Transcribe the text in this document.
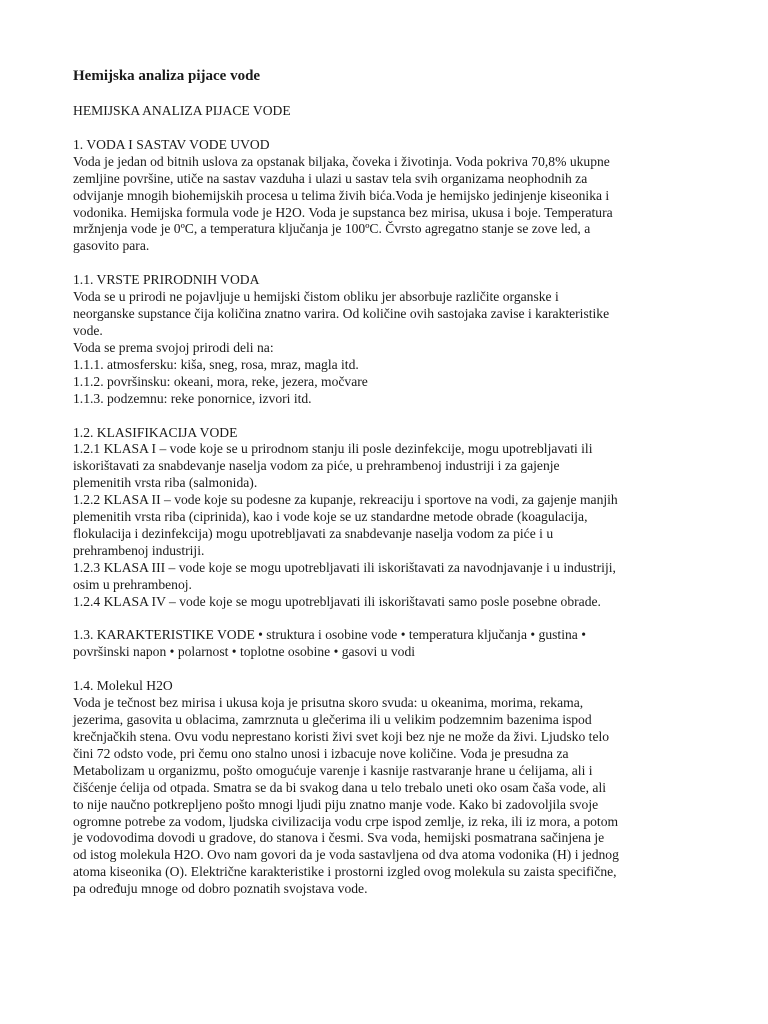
Hemijska analiza pijace vode
HEMIJSKA ANALIZA PIJACE VODE

1. VODA I SASTAV VODE UVOD

Voda je jedan od bitnih uslova za opstanak biljaka, čoveka i životinja. Voda pokriva 70,8% ukupne

zemljine površine, utiče na sastav vazduha i ulazi u sastav tela svih organizama neophodnih za

odvijanje mnogih biohemijskih procesa u telima živih bića.Voda je hemijsko jedinjenje kiseonika i

vodonika. Hemijska formula vode je H2O. Voda je supstanca bez mirisa, ukusa i boje. Temperatura

mržnjenja vode je 0ºC, a temperatura ključanja je 100ºC. Čvrsto agregatno stanje se zove led, a

gasovito para.

1.1. VRSTE PRIRODNIH VODA

Voda se u prirodi ne pojavljuje u hemijski čistom obliku jer absorbuje različite organske i

neorganske supstance čija količina znatno varira. Od količine ovih sastojaka zavise i karakteristike

vode.

Voda se prema svojoj prirodi deli na:

1.1.1. atmosfersku: kiša, sneg, rosa, mraz, magla itd.

1.1.2. površinsku: okeani, mora, reke, jezera, močvare

1.1.3. podzemnu: reke ponornice, izvori itd.

1.2. KLASIFIKACIJA VODE

1.2.1 KLASA I – vode koje se u prirodnom stanju ili posle dezinfekcije, mogu upotrebljavati ili

iskorištavati za snabdevanje naselja vodom za piće, u prehrambenoj industriji i za gajenje

plemenitih vrsta riba (salmonida).

1.2.2 KLASA II – vode koje su podesne za kupanje, rekreaciju i sportove na vodi, za gajenje manjih

plemenitih vrsta riba (ciprinida), kao i vode koje se uz standardne metode obrade (koagulacija,

flokulacija i dezinfekcija) mogu upotrebljavati za snabdevanje naselja vodom za piće i u

prehrambenoj industriji.

1.2.3 KLASA III – vode koje se mogu upotrebljavati ili iskorištavati za navodnjavanje i u industriji,

osim u prehrambenoj.

1.2.4 KLASA IV – vode koje se mogu upotrebljavati ili iskorištavati samo posle posebne obrade.

1.3. KARAKTERISTIKE VODE • struktura i osobine vode • temperatura ključanja • gustina •

površinski napon • polarnost • toplotne osobine • gasovi u vodi

1.4. Molekul H2O

Voda je tečnost bez mirisa i ukusa koja je prisutna skoro svuda: u okeanima, morima, rekama,

jezerima, gasovita u oblacima, zamrznuta u glečerima ili u velikim podzemnim bazenima ispod

krečnjačkih stena. Ovu vodu neprestano koristi živi svet koji bez nje ne može da živi. Ljudsko telo

čini 72 odsto vode, pri čemu ono stalno unosi i izbacuje nove količine. Voda je presudna za

Metabolizam u organizmu, pošto omogućuje varenje i kasnije rastvaranje hrane u ćelijama, ali i

čišćenje ćelija od otpada. Smatra se da bi svakog dana u telo trebalo uneti oko osam čaša vode, ali

to nije naučno potkrepljeno pošto mnogi ljudi piju znatno manje vode. Kako bi zadovoljila svoje

ogromne potrebe za vodom, ljudska civilizacija vodu crpe ispod zemlje, iz reka, ili iz mora, a potom

je vodovodima dovodi u gradove, do stanova i česmi. Sva voda, hemijski posmatrana sačinjena je

od istog molekula H2O. Ovo nam govori da je voda sastavljena od dva atoma vodonika (H) i jednog

atoma kiseonika (O). Električne karakteristike i prostorni izgled ovog molekula su zaista specifične,

pa određuju mnoge od dobro poznatih svojstava vode.
